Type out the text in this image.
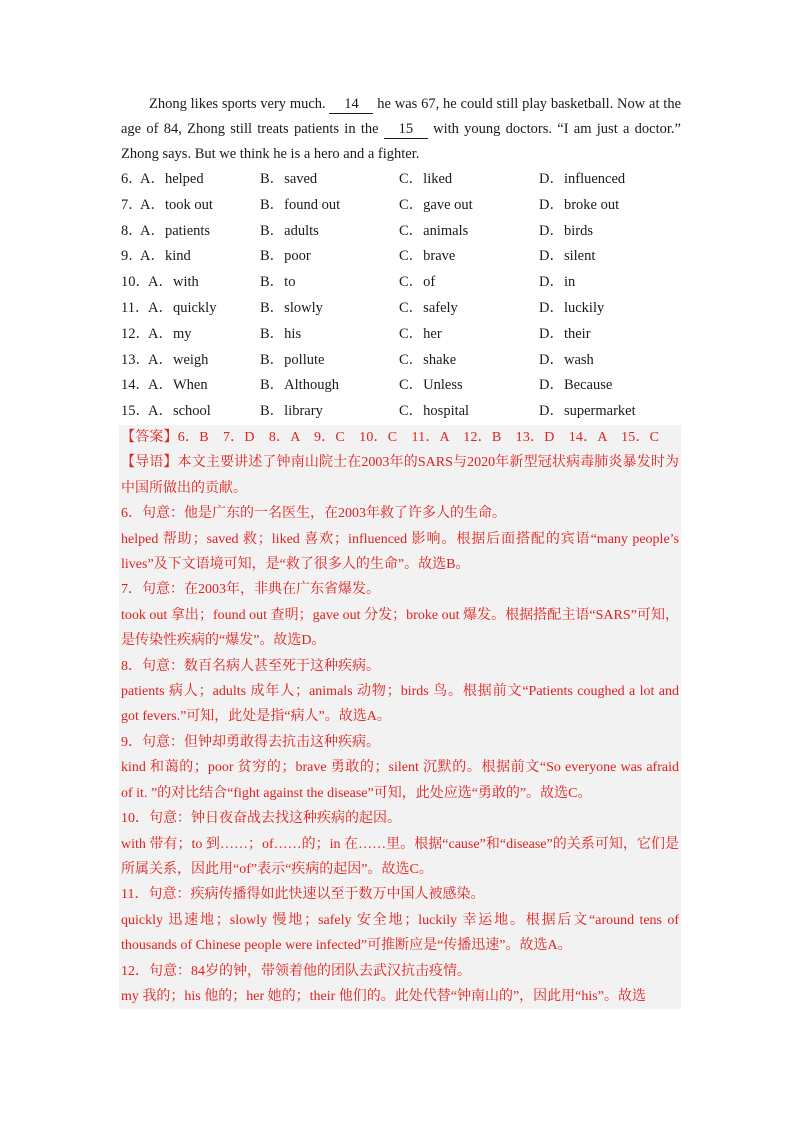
Zhong likes sports very much. 14 he was 67, he could still play basketball. Now at the age of 84, Zhong still treats patients in the 15 with young doctors. “I am just a doctor.” Zhong says. But we think he is a hero and a fighter.
6．
A．helped	B．saved	C．liked	D．influenced
7．
A．took out	B．found out	C．gave out	D．broke out
8．
A．patients	B．adults	C．animals	D．birds
9．
A．kind	B．poor	C．brave	D．silent
10．
A．with	B．to	C．of	D．in
11．
A．quickly	B．slowly	C．safely	D．luckily
12．
A．my	B．his	C．her	D．their
13．
A．weigh	B．pollute	C．shake	D．wash
14．
A．When	B．Although	C．Unless	D．Because
15．
A．school	B．library	C．hospital	D．supermarket

【答案】6．B　7．D　8．A　9．C　10．C　11．A　12．B　13．D　14．A　15．C

【导语】本文主要讲述了钟南山院士在2003年的SARS与2020年新型冠状病毒肺炎暴发时为中国所做出的贡献。

6．句意：他是广东的一名医生，在2003年救了许多人的生命。

helped 帮助；saved 救；liked 喜欢；influenced 影响。根据后面搭配的宾语“many people’s lives”及下文语境可知，是“救了很多人的生命”。故选B。

7．句意：在2003年，非典在广东省爆发。

took out 拿出；found out 查明；gave out 分发；broke out 爆发。根据搭配主语“SARS”可知，是传染性疾病的“爆发”。故选D。

8．句意：数百名病人甚至死于这种疾病。

patients 病人；adults 成年人；animals 动物；birds 鸟。根据前文“Patients coughed a lot and got fevers.”可知，此处是指“病人”。故选A。

9．句意：但钟却勇敢得去抗击这种疾病。

kind 和蔼的；poor 贫穷的；brave 勇敢的；silent 沉默的。根据前文“So everyone was afraid of it. ”的对比结合“fight against the disease”可知，此处应选“勇敢的”。故选C。

10．句意：钟日夜奋战去找这种疾病的起因。

with 带有；to 到……；of……的；in 在……里。根据“cause”和“disease”的关系可知，它们是所属关系，因此用“of”表示“疾病的起因”。故选C。

11．句意：疾病传播得如此快速以至于数万中国人被感染。

quickly 迅速地；slowly 慢地；safely 安全地；luckily 幸运地。根据后文“around tens of thousands of Chinese people were infected”可推断应是“传播迅速”。故选A。

12．句意：84岁的钟，带领着他的团队去武汉抗击疫情。

my 我的；his 他的；her 她的；their 他们的。此处代替“钟南山的”，因此用“his”。故选
